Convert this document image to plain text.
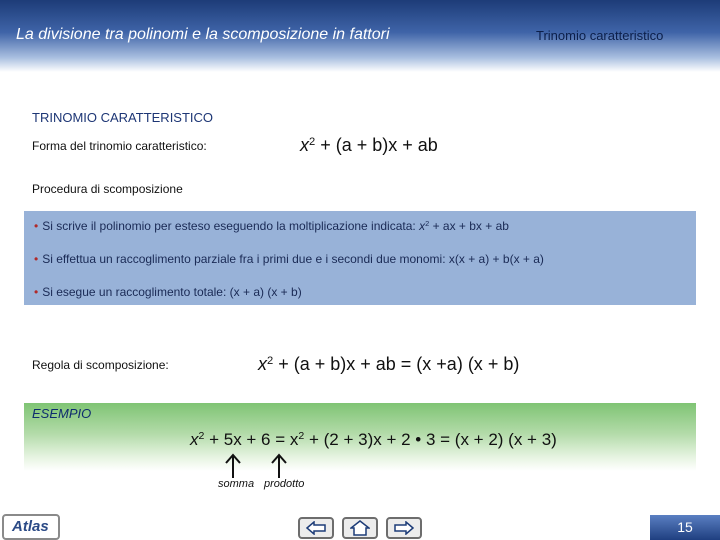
La divisione tra polinomi e la scomposizione in fattori	Trinomio caratteristico
TRINOMIO CARATTERISTICO
Forma del trinomio caratteristico:	$x^2 + (a + b)x$ + ab
Procedura di scomposizione
• Si scrive il polinomio per esteso eseguendo la moltiplicazione indicata: $x^2$ + ax + bx + ab
• Si effettua un raccoglimento parziale fra i primi due e i secondi due monomi: x(x + a) + b(x + a)
• Si esegue un raccoglimento totale: (x + a) (x + b)
Regola di scomposizione:	$x^2 + (a + b)x$ + ab = (x +a) (x + b)
ESEMPIO
$x^2 + 5x + 6 = x^2 + (2 + 3)x + 2$ • 3 = (x + 2) (x + 3)
somma prodotto
Atlas	15
